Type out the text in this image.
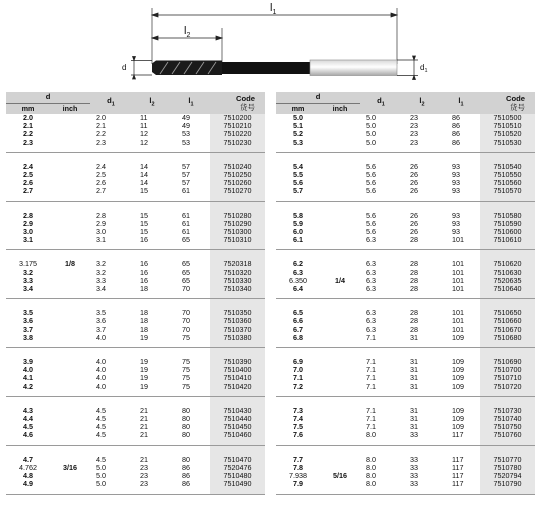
$l_1$
$l_2$
d	$d_1$
d		$d_1$	$l_2$	$l_1$	Code
货号
mm	inch				
2.0		2.0	11	49	7510200
2.1		2.1	11	49	7510210
2.2		2.2	12	53	7510220
2.3		2.3	12	53	7510230

2.4		2.4	14	57	7510240
2.5		2.5	14	57	7510250
2.6		2.6	14	57	7510260
2.7		2.7	15	61	7510270

2.8		2.8	15	61	7510280
2.9		2.9	15	61	7510290
3.0		3.0	15	61	7510300
3.1		3.1	16	65	7510310

3.175	1/8	3.2	16	65	7520318
3.2		3.2	16	65	7510320
3.3		3.3	16	65	7510330
3.4		3.4	18	70	7510340

3.5		3.5	18	70	7510350
3.6		3.6	18	70	7510360
3.7		3.7	18	70	7510370
3.8		4.0	19	75	7510380

3.9		4.0	19	75	7510390
4.0		4.0	19	75	7510400
4.1		4.0	19	75	7510410
4.2		4.0	19	75	7510420

4.3		4.5	21	80	7510430
4.4		4.5	21	80	7510440
4.5		4.5	21	80	7510450
4.6		4.5	21	80	7510460

4.7		4.5	21	80	7510470
4.762	3/16	5.0	23	86	7520476
4.8		5.0	23	86	7510480
4.9		5.0	23	86	7510490

d		$d_1$	$l_2$	$l_1$	Code
货号
mm	inch				
5.0		5.0	23	86	7510500
5.1		5.0	23	86	7510510
5.2		5.0	23	86	7510520
5.3		5.0	23	86	7510530

5.4		5.6	26	93	7510540
5.5		5.6	26	93	7510550
5.6		5.6	26	93	7510560
5.7		5.6	26	93	7510570

5.8		5.6	26	93	7510580
5.9		5.6	26	93	7510590
6.0		5.6	26	93	7510600
6.1		6.3	28	101	7510610

6.2		6.3	28	101	7510620
6.3		6.3	28	101	7510630
6.350	1/4	6.3	28	101	7520635
6.4		6.3	28	101	7510640

6.5		6.3	28	101	7510650
6.6		6.3	28	101	7510660
6.7		6.3	28	101	7510670
6.8		7.1	31	109	7510680

6.9		7.1	31	109	7510690
7.0		7.1	31	109	7510700
7.1		7.1	31	109	7510710
7.2		7.1	31	109	7510720

7.3		7.1	31	109	7510730
7.4		7.1	31	109	7510740
7.5		7.1	31	109	7510750
7.6		8.0	33	117	7510760

7.7		8.0	33	117	7510770
7.8		8.0	33	117	7510780
7.938	5/16	8.0	33	117	7520794
7.9		8.0	33	117	7510790
